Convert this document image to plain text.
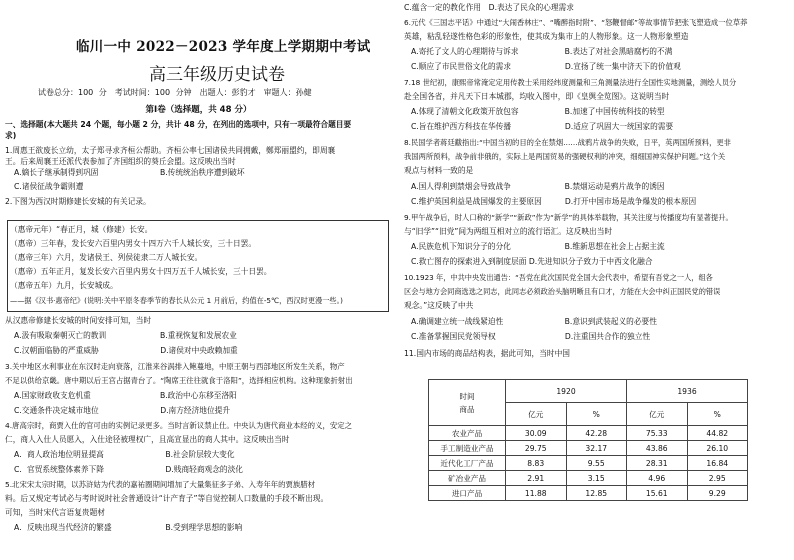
临川一中 2022－2023 学年度上学期期中考试
高三年级历史试卷
试卷总分：100 分　考试时间：100 分钟　出题人：彭豹才　审题人：孙健
第Ⅰ卷（选择题，共 48 分）
一、选择题(本大题共 24 个题，每小题 2 分，共计 48 分，在列出的选项中，只有一项最符合题目要
求)
1.周惠王欲废长立幼，太子郑寻求齐桓公帮助。齐桓公率七国诸侯共同拥戴，鄭郑丽盟约，即周襄
王。后来周襄王还派代表参加了齐国组织的葵丘会盟。这反映出当时
A.嫡长子继承制得到巩固　　　　　　　　B.传统统治秩序遭到破坏
C.诸侯征战争霸则遭
2.下图为西汉时期修建长安城的有关记录。
（惠帝元年）“春正月，城（修建）长安。
（惠帝）三年春，发长安六百里内男女十四万六千人城长安，三十日罢。
（惠帝三年）六月，发诸侯王、列侯徒隶二万人城长安。
（惠帝）五年正月，复发长安六百里内男女十四万五千人城长安，三十日罢。
（惠帝五年）九月，长安城成。
——据《汉书·惠帝纪》(说明:关中平原冬春季节的春长从公元 1 月前后，约值在-5℃，西汉时更漫一些。)
从汉惠帝修建长安城的时间安排可知，当时
A.汲有吸取秦朝灭亡的教训　　　　　　　B.重视恢复和发展农业
C.汉朝面临胁的严重威胁　　　　　　　　D.诸侯对中央政赖加重
3.关中地区水利事业在东汉时走向衰落，江淮来谷涡排入鲍蔓地，中原王朝与西部地区所发生关系，物产
不足以供给京畿。唐中期以后王宫占据青台了。“陶席王往往就食于洛阳”，选择相应机构。这种现象折射出
A.国家财政收支危机重　　　　　　　　　B.政治中心东移至洛阳
C.交通条件决定城市地位　　　　　　　　D.南方经济地位提升
4.唐高宗时，商贾入仕的官可由的实例记录更多。当时言新议禁止仕。中央认为唐代商业本经的义，安定之
仁，商人入仕人员愿入，入仕途径被理权广，且高宣显出的商人其中。这反映出当时
A．商人政治地位明显提高　　　　　　　　B.社会阶层较大变化
C．官贸系统整体素养下降　　　　　　　　D.贱商轻商观念的淡化
5.北宋宋太宗时期，以苏浒姑为代表的嘉祐圈期间增加了大量集征多子弟、入寿年年的贾族腊材
料。后又规定考试必与考时说时社会普通设计“计产育子”等自觉控制人口数量的手段不断出现。
可知，当时宋代言语复贵题材
A．反映出现当代经济的繁盛　　　　　　　B.受到理学思想的影响
C.蕴含一定的教化作用　D.表达了民众的心理需求
6.元代《三国志平话》中通过“大闹香林庄”、“嘴醉指时附”、“怒鞭督邮”等故事情节把张飞塑造成一位草莽
英雄，粘乱轻遂性格色彩的形象性，使其成为集市上的人物形象。这一人物形象塑造
A.寄托了文人的心理期待与诉求　　　　　　B.表达了对社会黑暗腐朽的不满
C.顺应了市民世俗文化的需求　　　　　　　D.宣扬了统一集中济天下的价值观
7.18 世纪初，康熙帝常淹定定用传教士采用经纬度测量和三角测量法进行全国性实地测量，测绘人员分
赴全国各省，并凡天下日本城郡，均收入图中，即《皇舆全览图》。这说明当时
A.体现了清朝文化政策开放包容　　　　　　B.加速了中国传统科技的转型
C.旨在维护西方科技在华传播　　　　　　　D.适应了巩固大一统国家的需要
8.民国学者蒋廷黻指出:“中国当初的目的全在禁烟……战鸦片战争的失败，日平，英两国所预料，更非
我国两所预料，战争前非俄的，实际上是两国贸易的强硬权利的冲突，细细国神实保护问题。”这个关
观点与材料一致的是
A.国人得利到禁烟会导致战争　　　　　　　B.禁烟运动是鸦片战争的诱因
C.维护英国利益是战国爆发的主要原因　　　D.打开中国市场是战争爆发的根本原因
9.甲午战争后，时人口称的“新学”“新政”作为“新学”的具体举载物，其关注度与传播度均有显著提升。
与“旧学”“旧党”间为两组互相对立的流行语汇。这反映出当时
A.民族危机下知识分子的分化　　　　　　　B.维新思想在社会上占据主流
C.救亡图存的探索进入到制度层面 D.先进知识分子致力于中西文化融合
10.1923 年，中共中央发出通告：“吾党在此次国民党全国大会代表中，希望有吾党之一人，组各
区会与地方会同商选选之同志，此同志必须政治头脑明晰且有口才，方能在大会中纠正国民党的错误
观念。”这反映了中共
A.确调建立统一战线紧迫性　　　　　　　　B.意识到武装起义的必要性
C.准备掌握国民党领导权　　　　　　　　　D.注重国共合作的独立性
11.国内市场的商品结构表，据此可知，当时中国
时间
商品	1920		1936	
	亿元	%	亿元	%
农业产品	30.09	42.28	75.33	44.82
手工制造业产品	29.75	32.17	43.86	26.10
近代化工厂产品	8.83	9.55	28.31	16.84
矿冶业产品	2.91	3.15	4.96	2.95
进口产品	11.88	12.85	15.61	9.29
